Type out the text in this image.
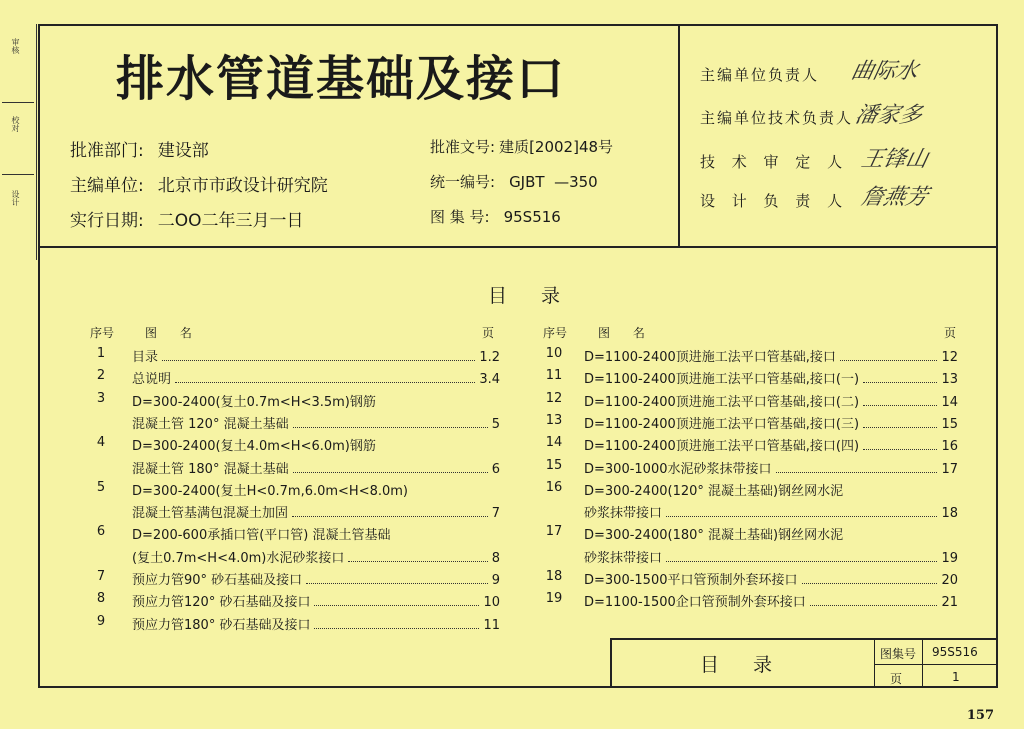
审核
校对
设计
排水管道基础及接口
批准部门: 建设部
主编单位: 北京市市政设计研究院
实行日期: 二OO二年三月一日
批准文号: 建质[2002]48号
统一编号: GJBT  —350
图 集 号: 95S516
主编单位负责人 曲际水
主编单位技术负责人 潘家多
技 术 审 定 人 王锋山
设 计 负 责 人 詹燕芳
目 录
序号	图      名	页	序号	图      名	页
1	目录	1.2
2	总说明	3.4
3	D=300-2400(复土0.7m<H<3.5m)钢筋
混凝土管 120° 混凝土基础	5
4	D=300-2400(复土4.0m<H<6.0m)钢筋
混凝土管 180° 混凝土基础	6
5	D=300-2400(复土H<0.7m,6.0m<H<8.0m)
混凝土管基满包混凝土加固	7
6	D=200-600承插口管(平口管) 混凝土管基础
(复土0.7m<H<4.0m)水泥砂浆接口	8
7	预应力管90° 砂石基础及接口	9
8	预应力管120° 砂石基础及接口	10
9	预应力管180° 砂石基础及接口	11
10 D=1100-2400顶进施工法平口管基础,接口	12
11 D=1100-2400顶进施工法平口管基础,接口(一)	13
12 D=1100-2400顶进施工法平口管基础,接口(二)	14
13 D=1100-2400顶进施工法平口管基础,接口(三)	15
14 D=1100-2400顶进施工法平口管基础,接口(四)	16
15 D=300-1000水泥砂浆抹带接口	17
16 D=300-2400(120° 混凝土基础)钢丝网水泥
砂浆抹带接口	18
17 D=300-2400(180° 混凝土基础)钢丝网水泥
砂浆抹带接口	19
18 D=300-1500平口管预制外套环接口	20
19 D=1100-1500企口管预制外套环接口	21
目 录	图集号 95S516
页	1
157
